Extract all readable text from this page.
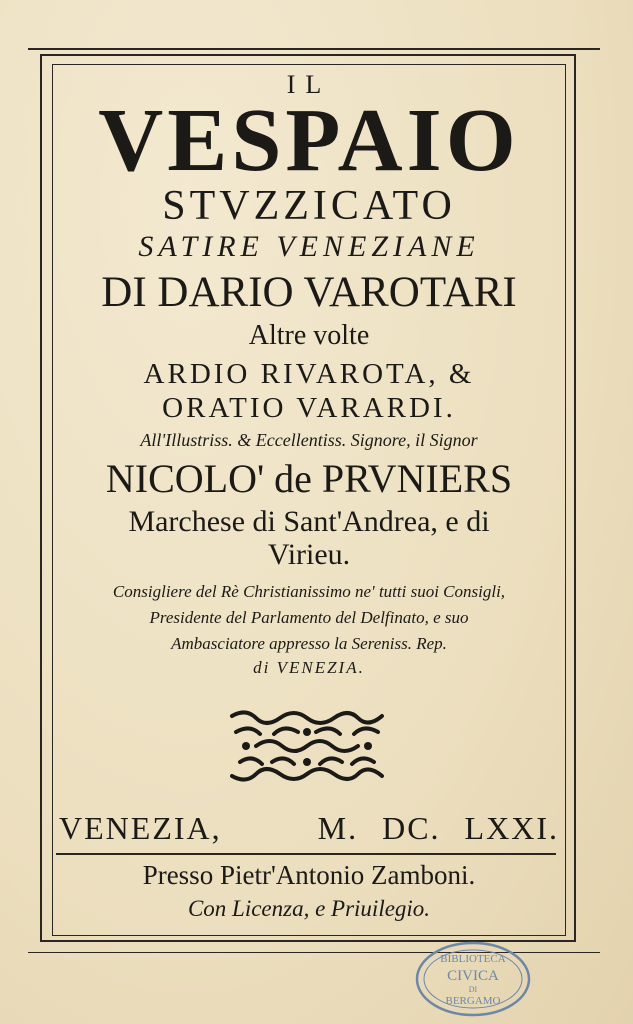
IL
VESPAIO
STVZZICATO
SATIRE VENEZIANE
DI DARIO VAROTARI
Altre volte
ARDIO RIVAROTA, &
ORATIO VARARDI.
All'Illustriss. & Eccellentiss. Signore, il Signor
NICOLO' de PRVNIERS
Marchese di Sant'Andrea, e di
Virieu.
Consigliere del Rè Christianissimo ne' tutti suoi Consigli,
Presidente del Parlamento del Delfinato, e suo
Ambasciatore appresso la Sereniss. Rep.
di VENEZIA.
VENEZIA,    M. DC. LXXI.
Presso Pietr'Antonio Zamboni.
Con Licenza, e Priuilegio.
BIBLIOTECA
CIVICA
DI
BERGAMO
